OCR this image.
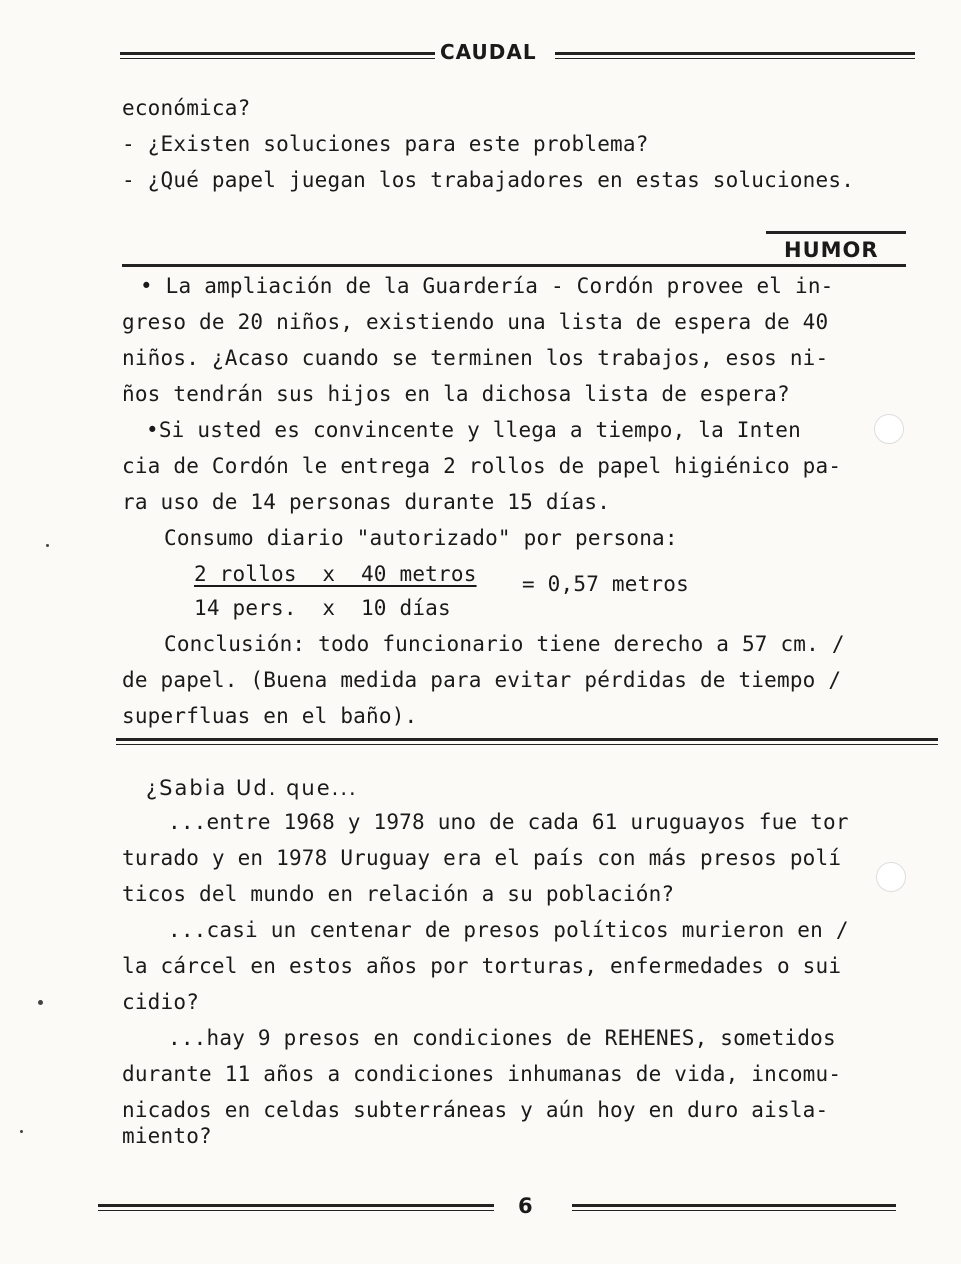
CAUDAL
económica?
- ¿Existen soluciones para este problema?
- ¿Qué papel juegan los trabajadores en estas soluciones.
HUMOR
• La ampliación de la Guardería - Cordón provee el in-
greso de 20 niños, existiendo una lista de espera de 40
niños. ¿Acaso cuando se terminen los trabajos, esos ni-
ños tendrán sus hijos en la dichosa lista de espera?
•Si usted es convincente y llega a tiempo, la Inten
cia de Cordón le entrega 2 rollos de papel higiénico pa-
ra uso de 14 personas durante 15 días.
Consumo diario "autorizado" por persona:
2 rollos  x  40 metros = 0,57 metros
14 pers.  x  10 días
Conclusión: todo funcionario tiene derecho a 57 cm. /
de papel. (Buena medida para evitar pérdidas de tiempo /
superfluas en el baño).
¿Sabia Ud. que...
...entre 1968 y 1978 uno de cada 61 uruguayos fue tor
turado y en 1978 Uruguay era el país con más presos polí
ticos del mundo en relación a su población?
...casi un centenar de presos políticos murieron en /
la cárcel en estos años por torturas, enfermedades o sui
cidio?
...hay 9 presos en condiciones de REHENES, sometidos
durante 11 años a condiciones inhumanas de vida, incomu-
nicados en celdas subterráneas y aún hoy en duro aisla-
miento?
6
